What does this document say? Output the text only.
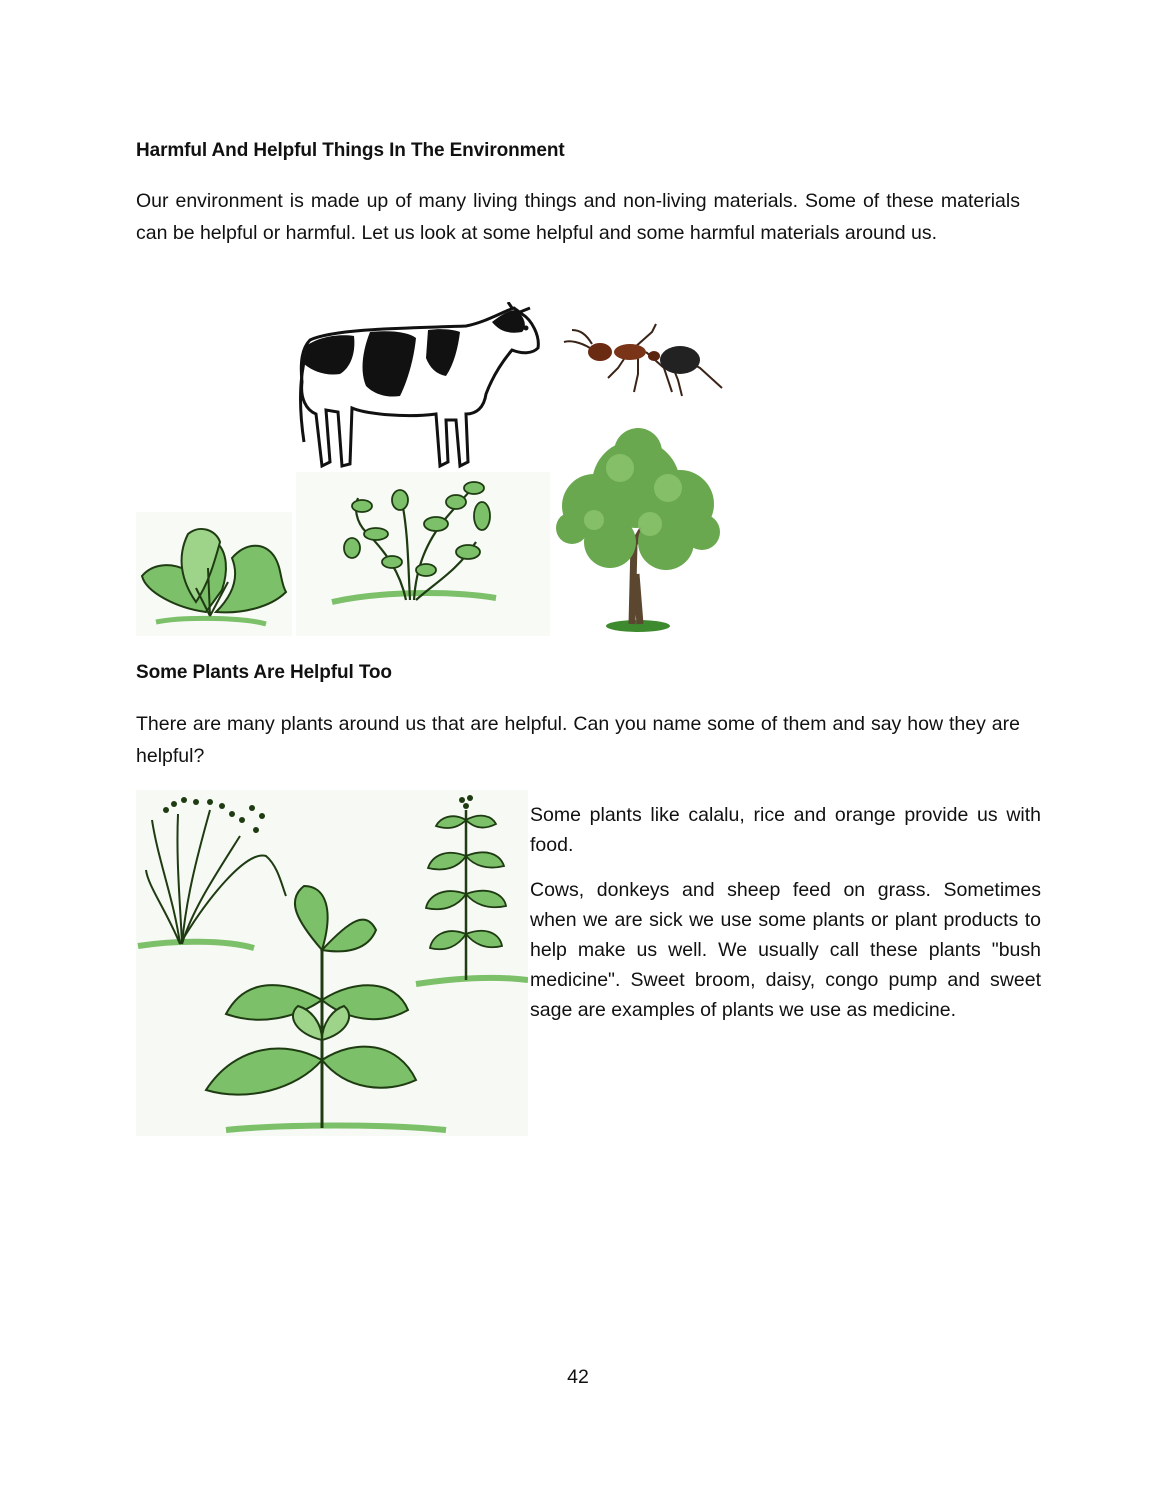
Harmful And Helpful Things In The Environment

Our environment is made up of many living things and non-living materials. Some of these materials can be helpful or harmful. Let us look at some helpful and some harmful materials around us.

Some Plants Are Helpful Too

There are many plants around us that are helpful. Can you name some of them and say how they are helpful?

Some plants like calalu, rice and orange provide us with food.

Cows, donkeys and sheep feed on grass. Sometimes when we are sick we use some plants or plant products to help make us well. We usually call these plants "bush medicine". Sweet broom, daisy, congo pump and sweet sage are examples of plants we use as medicine.

42
